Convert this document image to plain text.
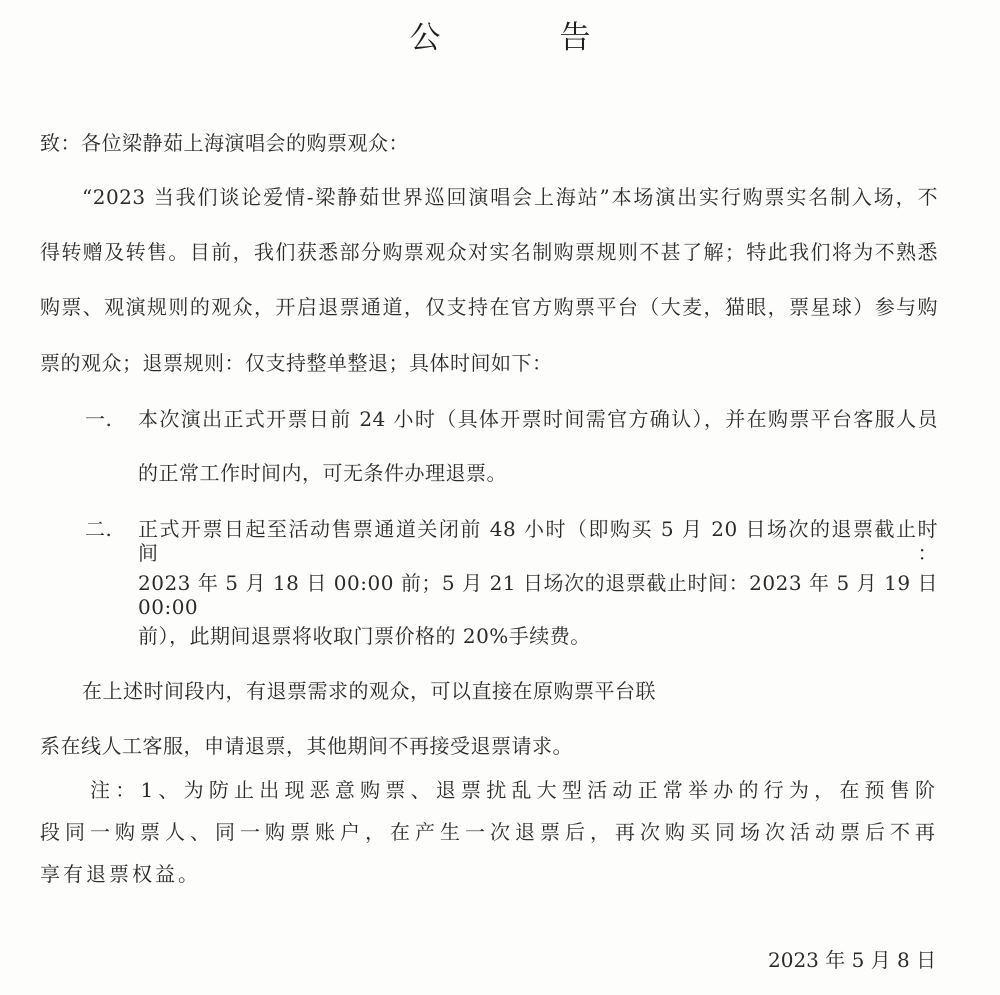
公　告
致：各位梁静茹上海演唱会的购票观众：
“2023 当我们谈论爱情-梁静茹世界巡回演唱会上海站”本场演出实行购票实名制入场，不
得转赠及转售。目前，我们获悉部分购票观众对实名制购票规则不甚了解；特此我们将为不熟悉
购票、观演规则的观众，开启退票通道，仅支持在官方购票平台（大麦，猫眼，票星球）参与购
票的观众；退票规则：仅支持整单整退；具体时间如下：
一. 本次演出正式开票日前 24 小时（具体开票时间需官方确认），并在购票平台客服人员
的正常工作时间内，可无条件办理退票。
二. 正式开票日起至活动售票通道关闭前 48 小时（即购买 5 月 20 日场次的退票截止时间：
2023 年 5 月 18 日 00:00 前；5 月 21 日场次的退票截止时间：2023 年 5 月 19 日 00:00
前），此期间退票将收取门票价格的 20%手续费。
在上述时间段内，有退票需求的观众，可以直接在原购票平台联
系在线人工客服，申请退票，其他期间不再接受退票请求。
注：1、为防止出现恶意购票、退票扰乱大型活动正常举办的行为，在预售阶
段同一购票人、同一购票账户，在产生一次退票后，再次购买同场次活动票后不再
享有退票权益。
2023 年 5 月 8 日
